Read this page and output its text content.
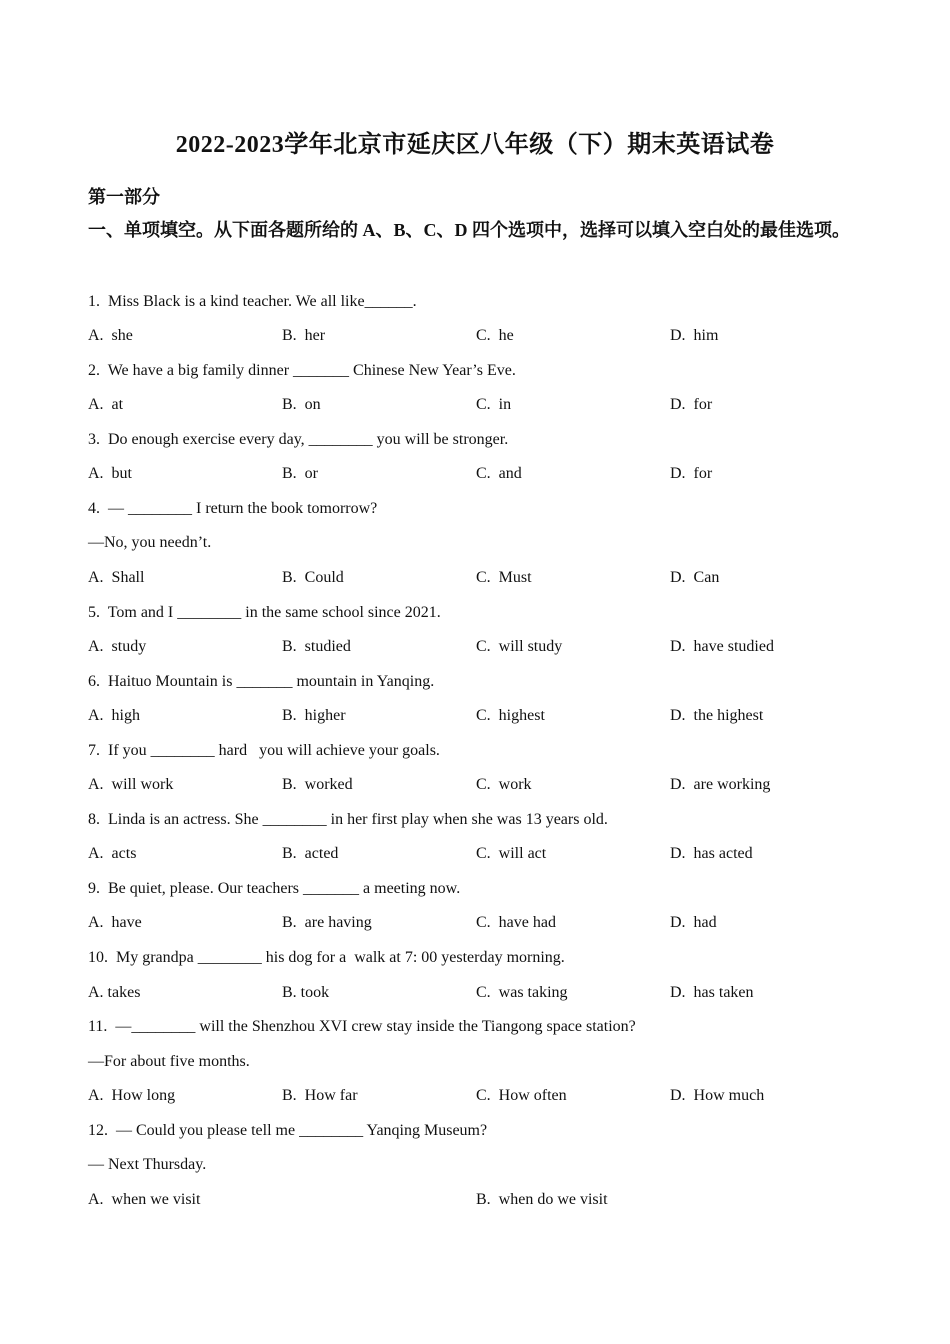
2022-2023学年北京市延庆区八年级（下）期末英语试卷
第一部分
一、单项填空。从下面各题所给的 A、B、C、D 四个选项中，选择可以填入空白处的最佳选项。
1.  Miss Black is a kind teacher. We all like______.
A.  she	B.  her	C.  he	D.  him
2.  We have a big family dinner _______ Chinese New Year’s Eve.
A.  at	B.  on	C.  in	D.  for
3.  Do enough exercise every day, ________ you will be stronger.
A.  but	B.  or	C.  and	D.  for
4.  — ________ I return the book tomorrow?
—No, you needn’t.
A.  Shall	B.  Could	C.  Must	D.  Can
5.  Tom and I ________ in the same school since 2021.
A.  study	B.  studied	C.  will study	D.  have studied
6.  Haituo Mountain is _______ mountain in Yanqing.
A.  high	B.  higher	C.  highest	D.  the highest
7.  If you ________ hard   you will achieve your goals.
A.  will work	B.  worked	C.  work	D.  are working
8.  Linda is an actress. She ________ in her first play when she was 13 years old.
A.  acts	B.  acted	C.  will act	D.  has acted
9.  Be quiet, please. Our teachers _______ a meeting now.
A.  have	B.  are having	C.  have had	D.  had
10.  My grandpa ________ his dog for a  walk at 7: 00 yesterday morning.
A. takes	B. took	C.  was taking	D.  has taken
11.  —________ will the Shenzhou XVI crew stay inside the Tiangong space station?
—For about five months.
A.  How long	B.  How far	C.  How often	D.  How much
12.  — Could you please tell me ________ Yanqing Museum?
— Next Thursday.
A.  when we visit	B.  when do we visit
